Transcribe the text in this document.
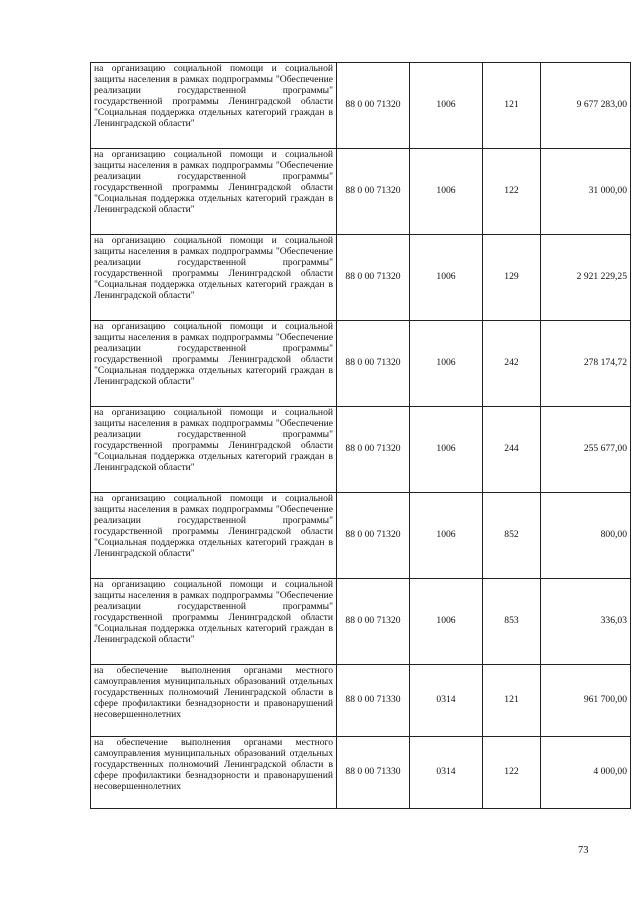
на организацию социальной помощи и социальной защиты населения в рамках подпрограммы "Обеспечение реализации государственной программы" государственной программы Ленинградской области "Социальная поддержка отдельных категорий граждан в Ленинградской области"	88 0 00 71320	1006	121	9 677 283,00
на организацию социальной помощи и социальной защиты населения в рамках подпрограммы "Обеспечение реализации государственной программы" государственной программы Ленинградской области "Социальная поддержка отдельных категорий граждан в Ленинградской области"	88 0 00 71320	1006	122	31 000,00
на организацию социальной помощи и социальной защиты населения в рамках подпрограммы "Обеспечение реализации государственной программы" государственной программы Ленинградской области "Социальная поддержка отдельных категорий граждан в Ленинградской области"	88 0 00 71320	1006	129	2 921 229,25
на организацию социальной помощи и социальной защиты населения в рамках подпрограммы "Обеспечение реализации государственной программы" государственной программы Ленинградской области "Социальная поддержка отдельных категорий граждан в Ленинградской области"	88 0 00 71320	1006	242	278 174,72
на организацию социальной помощи и социальной защиты населения в рамках подпрограммы "Обеспечение реализации государственной программы" государственной программы Ленинградской области "Социальная поддержка отдельных категорий граждан в Ленинградской области"	88 0 00 71320	1006	244	255 677,00
на организацию социальной помощи и социальной защиты населения в рамках подпрограммы "Обеспечение реализации государственной программы" государственной программы Ленинградской области "Социальная поддержка отдельных категорий граждан в Ленинградской области"	88 0 00 71320	1006	852	800,00
на организацию социальной помощи и социальной защиты населения в рамках подпрограммы "Обеспечение реализации государственной программы" государственной программы Ленинградской области "Социальная поддержка отдельных категорий граждан в Ленинградской области"	88 0 00 71320	1006	853	336,03
на обеспечение выполнения органами местного самоуправления муниципальных образований отдельных государственных полномочий Ленинградской области в сфере профилактики безнадзорности и правонарушений несовершеннолетних	88 0 00 71330	0314	121	961 700,00
на обеспечение выполнения органами местного самоуправления муниципальных образований отдельных государственных полномочий Ленинградской области в сфере профилактики безнадзорности и правонарушений несовершеннолетних	88 0 00 71330	0314	122	4 000,00
73
